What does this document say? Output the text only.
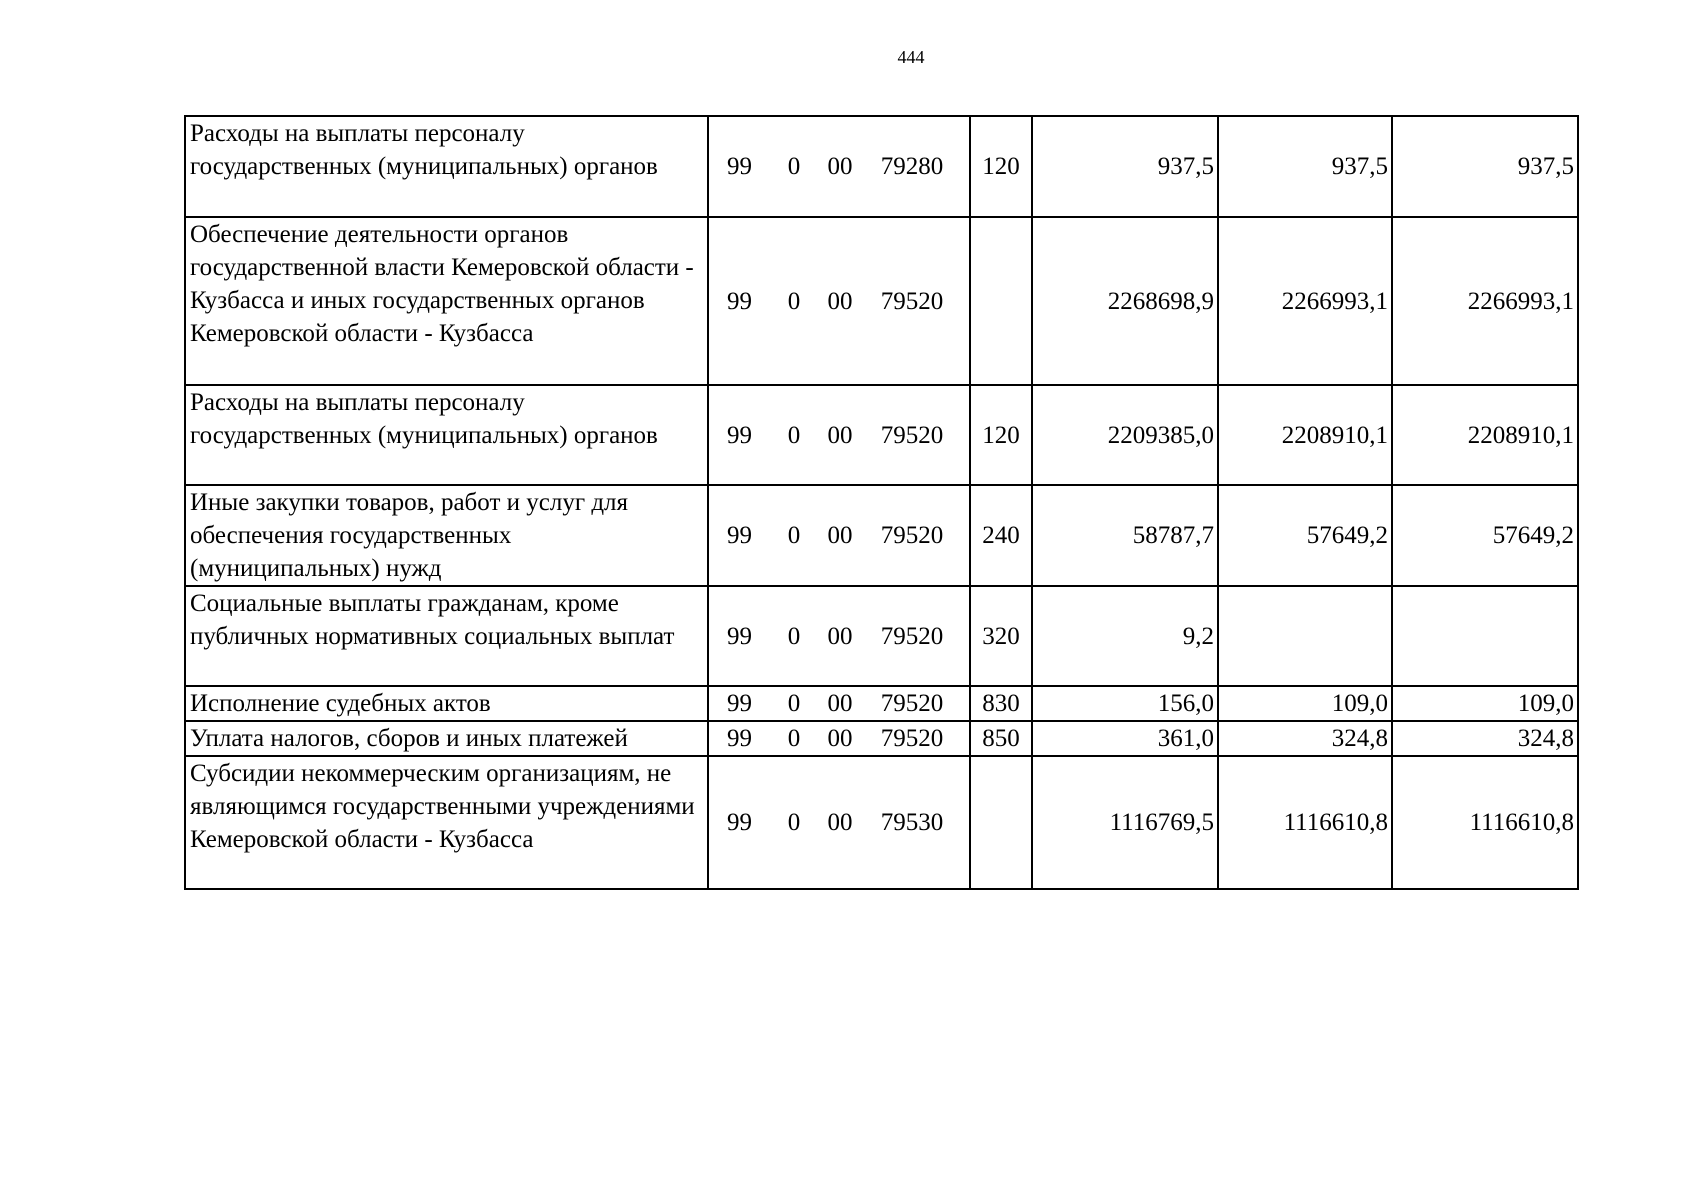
444
Расходы на выплаты персоналу государственных (муниципальных) органов	99 0 00 79280	120	937,5	937,5	937,5
Обеспечение деятельности органов государственной власти Кемеровской области - Кузбасса и иных государственных органов Кемеровской области - Кузбасса	99 0 00 79520		2268698,9	2266993,1	2266993,1
Расходы на выплаты персоналу государственных (муниципальных) органов	99 0 00 79520	120	2209385,0	2208910,1	2208910,1
Иные закупки товаров, работ и услуг для обеспечения государственных (муниципальных) нужд	99 0 00 79520	240	58787,7	57649,2	57649,2
Социальные выплаты гражданам, кроме публичных нормативных социальных выплат	99 0 00 79520	320	9,2		
Исполнение судебных актов	99 0 00 79520	830	156,0	109,0	109,0
Уплата налогов, сборов и иных платежей	99 0 00 79520	850	361,0	324,8	324,8
Субсидии некоммерческим организациям, не являющимся государственными учреждениями Кемеровской области - Кузбасса	99 0 00 79530		1116769,5	1116610,8	1116610,8
